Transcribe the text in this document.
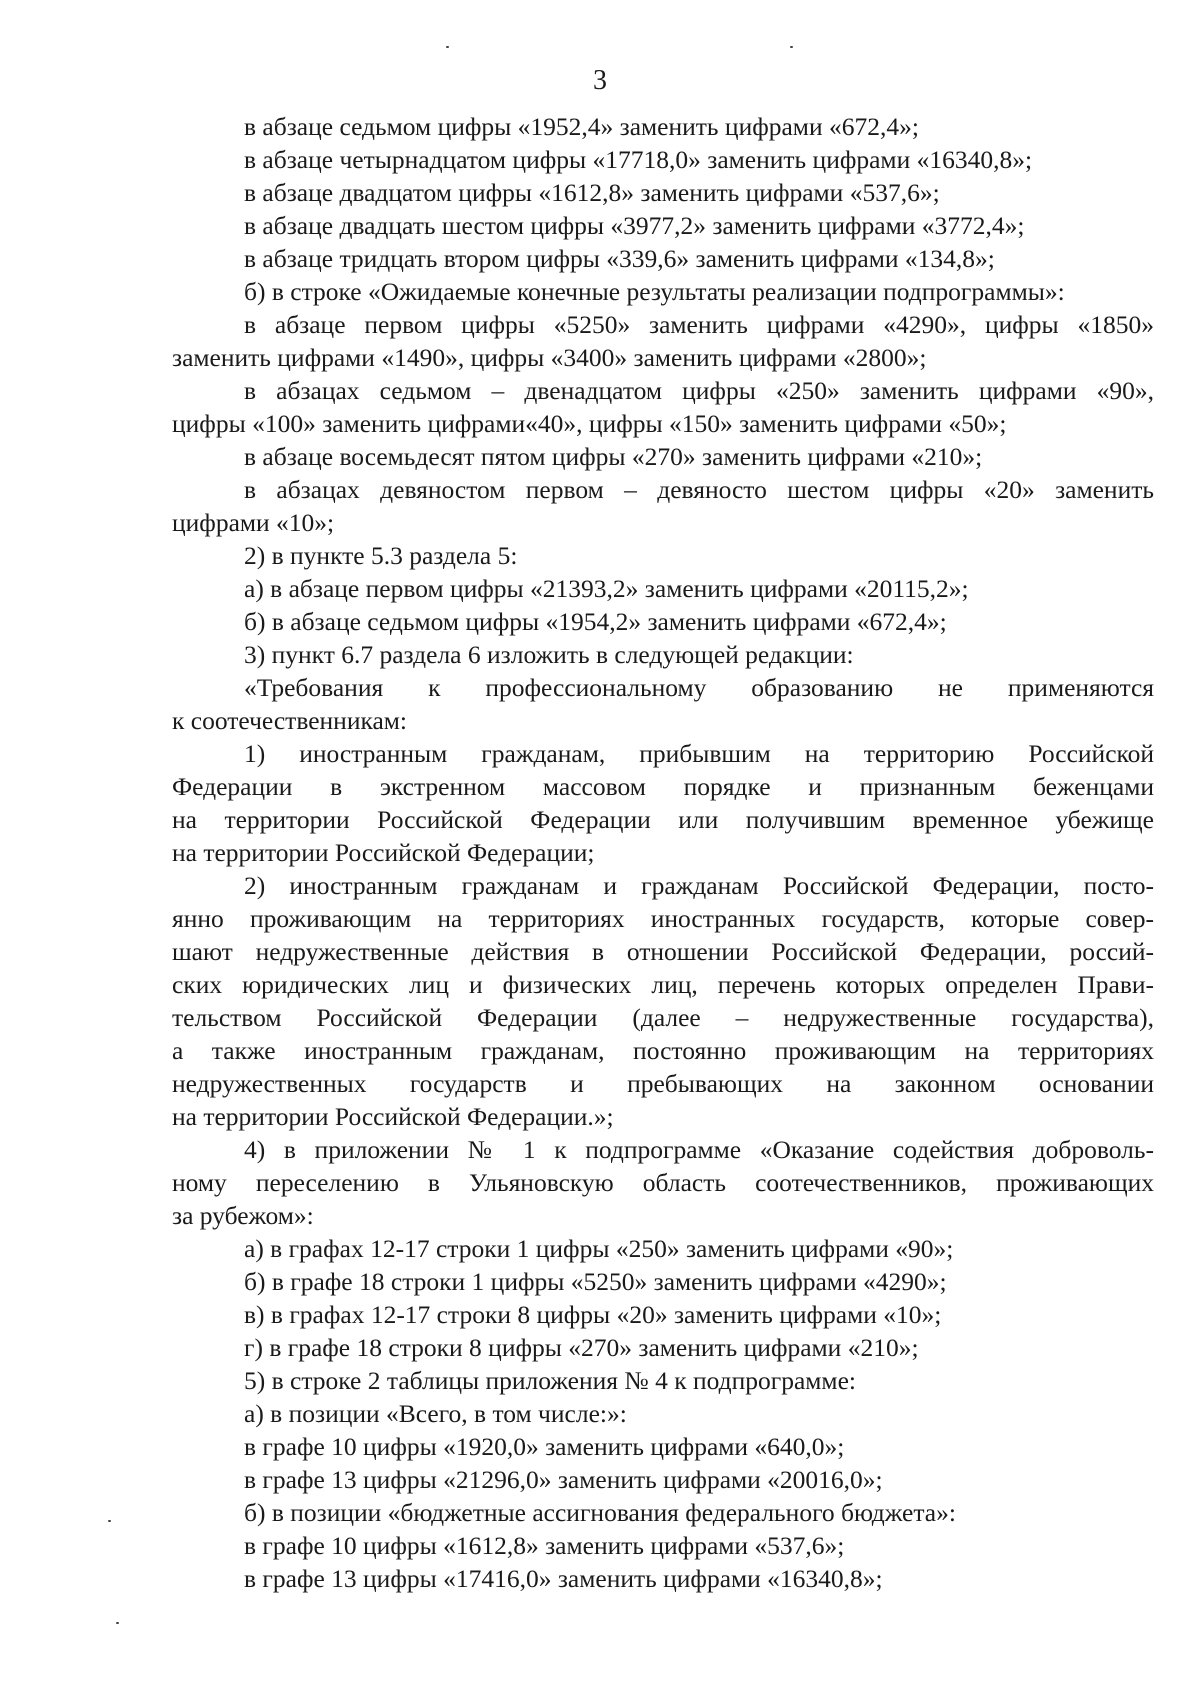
3
в абзаце седьмом цифры «1952,4» заменить цифрами «672,4»;
в абзаце четырнадцатом цифры «17718,0» заменить цифрами «16340,8»;
в абзаце двадцатом цифры «1612,8» заменить цифрами «537,6»;
в абзаце двадцать шестом цифры «3977,2» заменить цифрами «3772,4»;
в абзаце тридцать втором цифры «339,6» заменить цифрами «134,8»;
б) в строке «Ожидаемые конечные результаты реализации подпрограммы»:
в абзаце первом цифры «5250» заменить цифрами «4290», цифры «1850»
заменить цифрами «1490», цифры «3400» заменить цифрами «2800»;
в абзацах седьмом – двенадцатом цифры «250» заменить цифрами «90»,
цифры «100» заменить цифрами«40», цифры «150» заменить цифрами «50»;
в абзаце восемьдесят пятом цифры «270» заменить цифрами «210»;
в абзацах девяностом первом – девяносто шестом цифры «20» заменить
цифрами «10»;
2) в пункте 5.3 раздела 5:
а) в абзаце первом цифры «21393,2» заменить цифрами «20115,2»;
б) в абзаце седьмом цифры «1954,2» заменить цифрами «672,4»;
3) пункт 6.7 раздела 6 изложить в следующей редакции:
«Требования к профессиональному образованию не применяются
к соотечественникам:
1) иностранным гражданам, прибывшим на территорию Российской
Федерации в экстренном массовом порядке и признанным беженцами
на территории Российской Федерации или получившим временное убежище
на территории Российской Федерации;
2) иностранным гражданам и гражданам Российской Федерации, посто-
янно проживающим на территориях иностранных государств, которые совер-
шают недружественные действия в отношении Российской Федерации, россий-
ских юридических лиц и физических лиц, перечень которых определен Прави-
тельством Российской Федерации (далее – недружественные государства),
а также иностранным гражданам, постоянно проживающим на территориях
недружественных государств и пребывающих на законном основании
на территории Российской Федерации.»;
4) в приложении № 1 к подпрограмме «Оказание содействия доброволь-
ному переселению в Ульяновскую область соотечественников, проживающих
за рубежом»:
а) в графах 12-17 строки 1 цифры «250» заменить цифрами «90»;
б) в графе 18 строки 1 цифры «5250» заменить цифрами «4290»;
в) в графах 12-17 строки 8 цифры «20» заменить цифрами «10»;
г) в графе 18 строки 8 цифры «270» заменить цифрами «210»;
5) в строке 2 таблицы приложения № 4 к подпрограмме:
а) в позиции «Всего, в том числе:»:
в графе 10 цифры «1920,0» заменить цифрами «640,0»;
в графе 13 цифры «21296,0» заменить цифрами «20016,0»;
б) в позиции «бюджетные ассигнования федерального бюджета»:
в графе 10 цифры «1612,8» заменить цифрами «537,6»;
в графе 13 цифры «17416,0» заменить цифрами «16340,8»;
